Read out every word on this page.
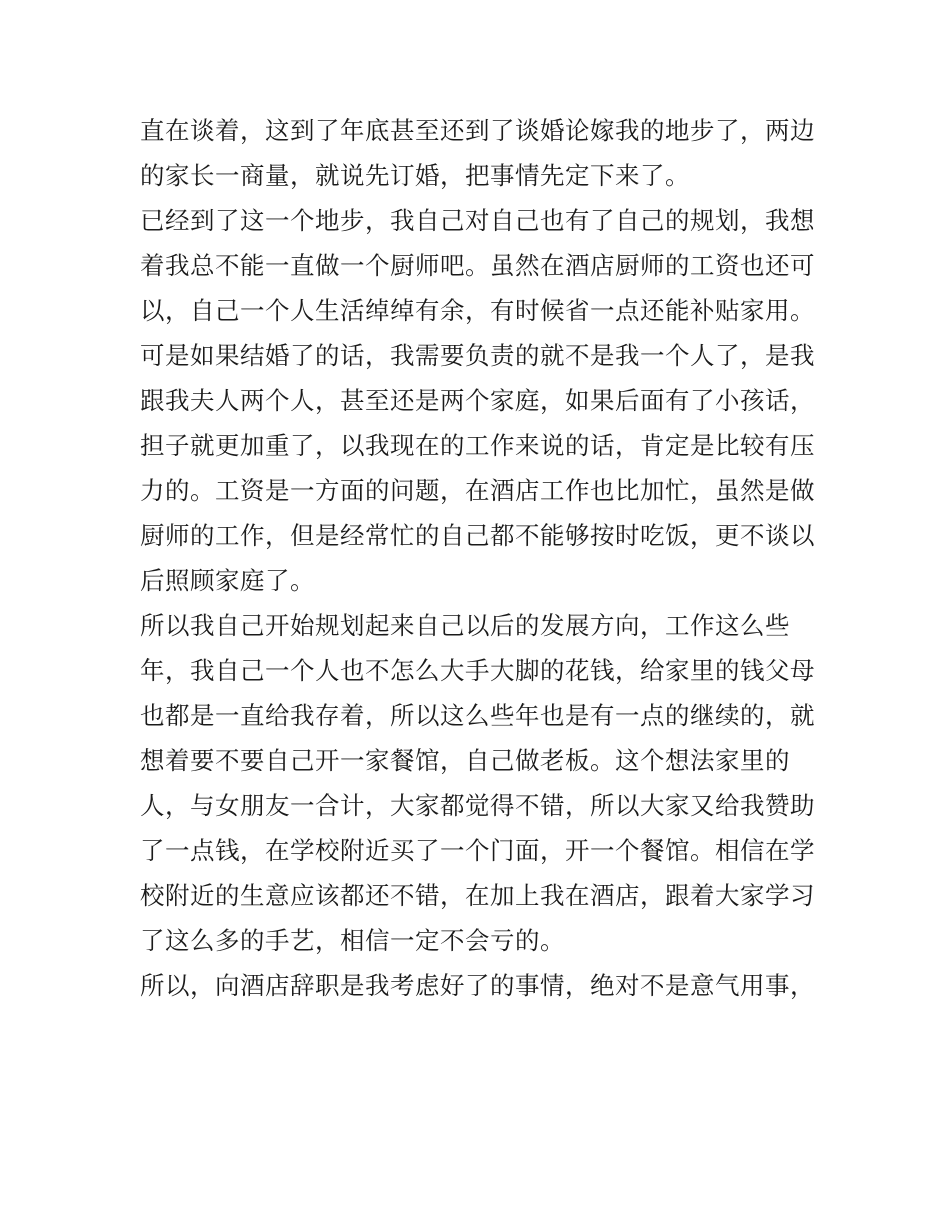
直在谈着，这到了年底甚至还到了谈婚论嫁我的地步了，两边
的家长一商量，就说先订婚，把事情先定下来了。
已经到了这一个地步，我自己对自己也有了自己的规划，我想
着我总不能一直做一个厨师吧。虽然在酒店厨师的工资也还可
以，自己一个人生活绰绰有余，有时候省一点还能补贴家用。
可是如果结婚了的话，我需要负责的就不是我一个人了，是我
跟我夫人两个人，甚至还是两个家庭，如果后面有了小孩话，
担子就更加重了，以我现在的工作来说的话，肯定是比较有压
力的。工资是一方面的问题，在酒店工作也比加忙，虽然是做
厨师的工作，但是经常忙的自己都不能够按时吃饭，更不谈以
后照顾家庭了。
所以我自己开始规划起来自己以后的发展方向，工作这么些
年，我自己一个人也不怎么大手大脚的花钱，给家里的钱父母
也都是一直给我存着，所以这么些年也是有一点的继续的，就
想着要不要自己开一家餐馆，自己做老板。这个想法家里的
人，与女朋友一合计，大家都觉得不错，所以大家又给我赞助
了一点钱，在学校附近买了一个门面，开一个餐馆。相信在学
校附近的生意应该都还不错，在加上我在酒店，跟着大家学习
了这么多的手艺，相信一定不会亏的。
所以，向酒店辞职是我考虑好了的事情，绝对不是意气用事，
